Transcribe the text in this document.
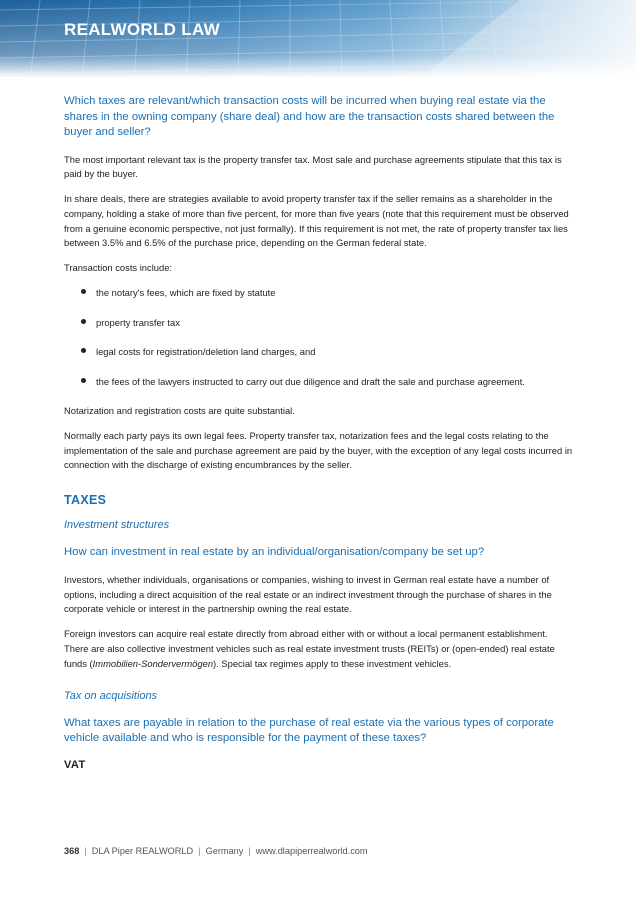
REALWORLD LAW

Which taxes are relevant/which transaction costs will be incurred when buying real estate via the shares in the owning company (share deal) and how are the transaction costs shared between the buyer and seller?

The most important relevant tax is the property transfer tax. Most sale and purchase agreements stipulate that this tax is paid by the buyer.

In share deals, there are strategies available to avoid property transfer tax if the seller remains as a shareholder in the company, holding a stake of more than five percent, for more than five years (note that this requirement must be observed from a genuine economic perspective, not just formally). If this requirement is not met, the rate of property transfer tax lies between 3.5% and 6.5% of the purchase price, depending on the German federal state.

Transaction costs include:

the notary's fees, which are fixed by statute
property transfer tax
legal costs for registration/deletion land charges, and
the fees of the lawyers instructed to carry out due diligence and draft the sale and purchase agreement.

Notarization and registration costs are quite substantial.

Normally each party pays its own legal fees. Property transfer tax, notarization fees and the legal costs relating to the implementation of the sale and purchase agreement are paid by the buyer, with the exception of any legal costs incurred in connection with the discharge of existing encumbrances by the seller.

TAXES
Investment structures

How can investment in real estate by an individual/organisation/company be set up?

Investors, whether individuals, organisations or companies, wishing to invest in German real estate have a number of options, including a direct acquisition of the real estate or an indirect investment through the purchase of shares in the corporate vehicle or interest in the partnership owning the real estate.

Foreign investors can acquire real estate directly from abroad either with or without a local permanent establishment. There are also collective investment vehicles such as real estate investment trusts (REITs) or (open-ended) real estate funds (Immobilien-Sondervermögen). Special tax regimes apply to these investment vehicles.

Tax on acquisitions

What taxes are payable in relation to the purchase of real estate via the various types of corporate vehicle available and who is responsible for the payment of these taxes?

VAT
368 | DLA Piper REALWORLD | Germany | www.dlapiperrealworld.com
